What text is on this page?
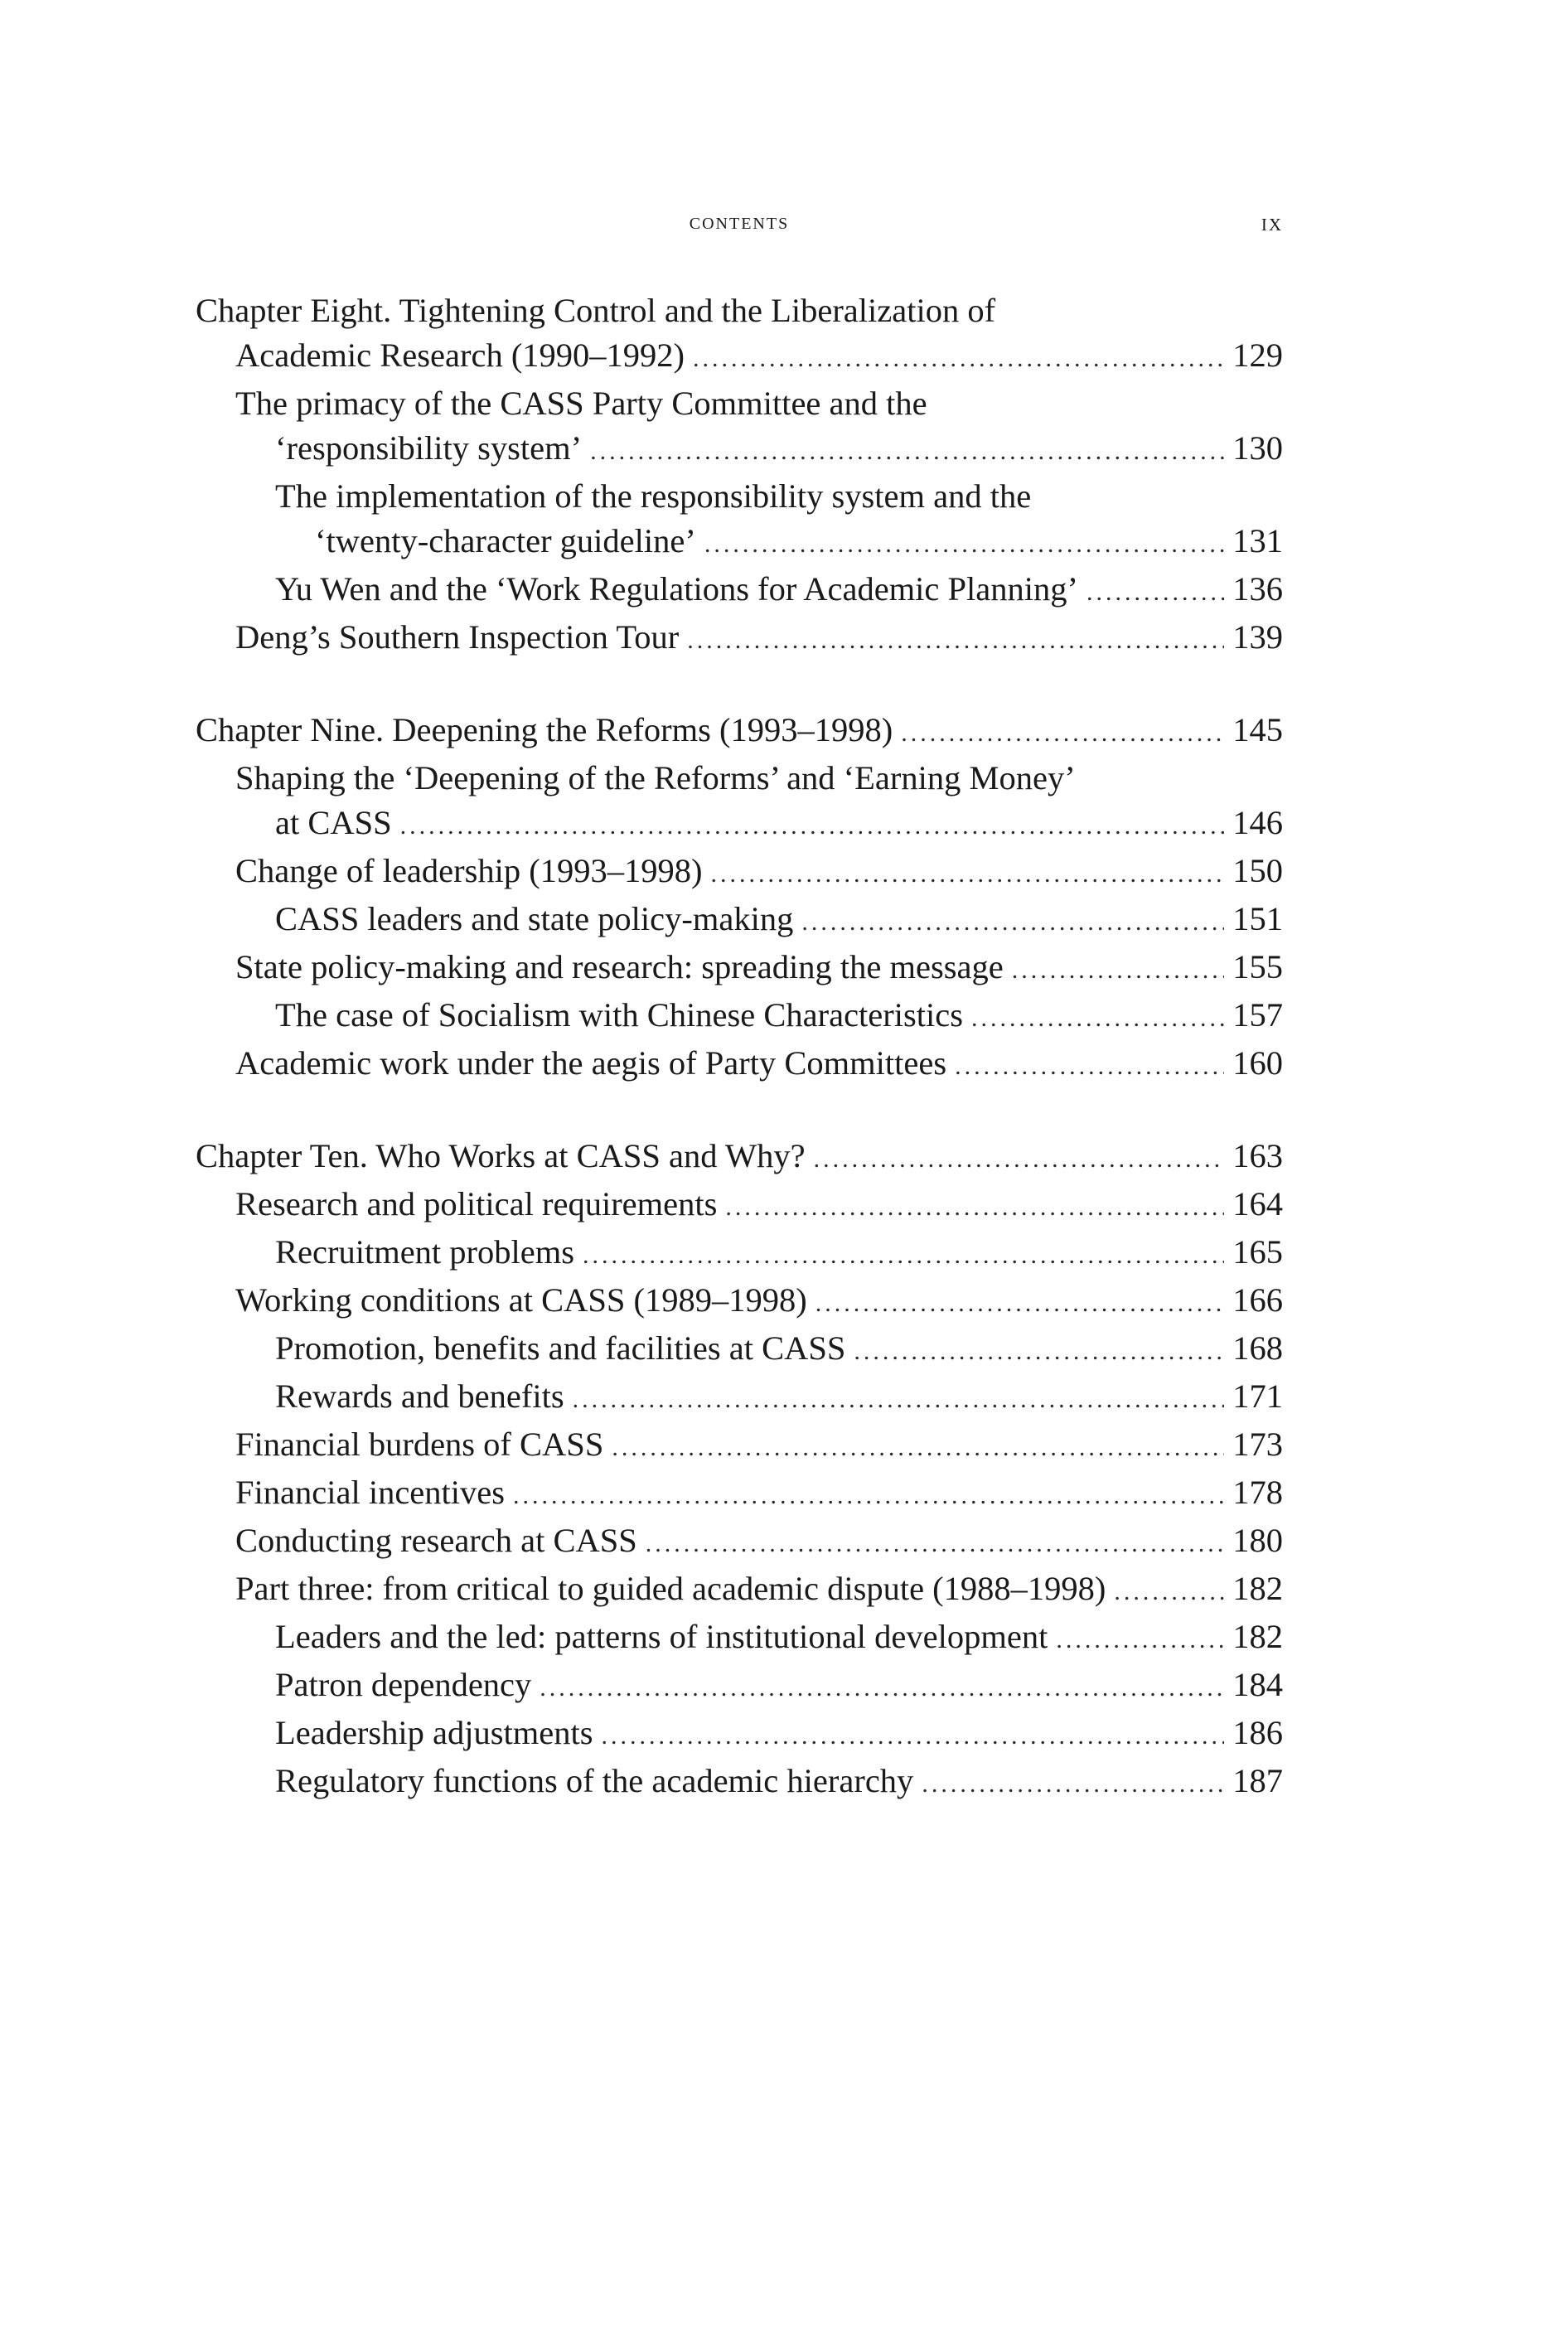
contents	ix
Chapter Eight. Tightening Control and the Liberalization of
Academic Research (1990–1992) .....	129
The primacy of the CASS Party Committee and the
‘responsibility system’ .....	130
The implementation of the responsibility system and the
‘twenty-character guideline’ .....	131
Yu Wen and the ‘Work Regulations for Academic Planning’ .....	136
Deng’s Southern Inspection Tour .....	139
Chapter Nine. Deepening the Reforms (1993–1998) .....	145
Shaping the ‘Deepening of the Reforms’ and ‘Earning Money’
at CASS .....	146
Change of leadership (1993–1998) .....	150
CASS leaders and state policy-making .....	151
State policy-making and research: spreading the message .....	155
The case of Socialism with Chinese Characteristics .....	157
Academic work under the aegis of Party Committees .....	160
Chapter Ten. Who Works at CASS and Why? .....	163
Research and political requirements .....	164
Recruitment problems .....	165
Working conditions at CASS (1989–1998) .....	166
Promotion, benefits and facilities at CASS .....	168
Rewards and benefits .....	171
Financial burdens of CASS .....	173
Financial incentives .....	178
Conducting research at CASS .....	180
Part three: from critical to guided academic dispute (1988–1998) .....	182
Leaders and the led: patterns of institutional development .....	182
Patron dependency .....	184
Leadership adjustments .....	186
Regulatory functions of the academic hierarchy .....	187
